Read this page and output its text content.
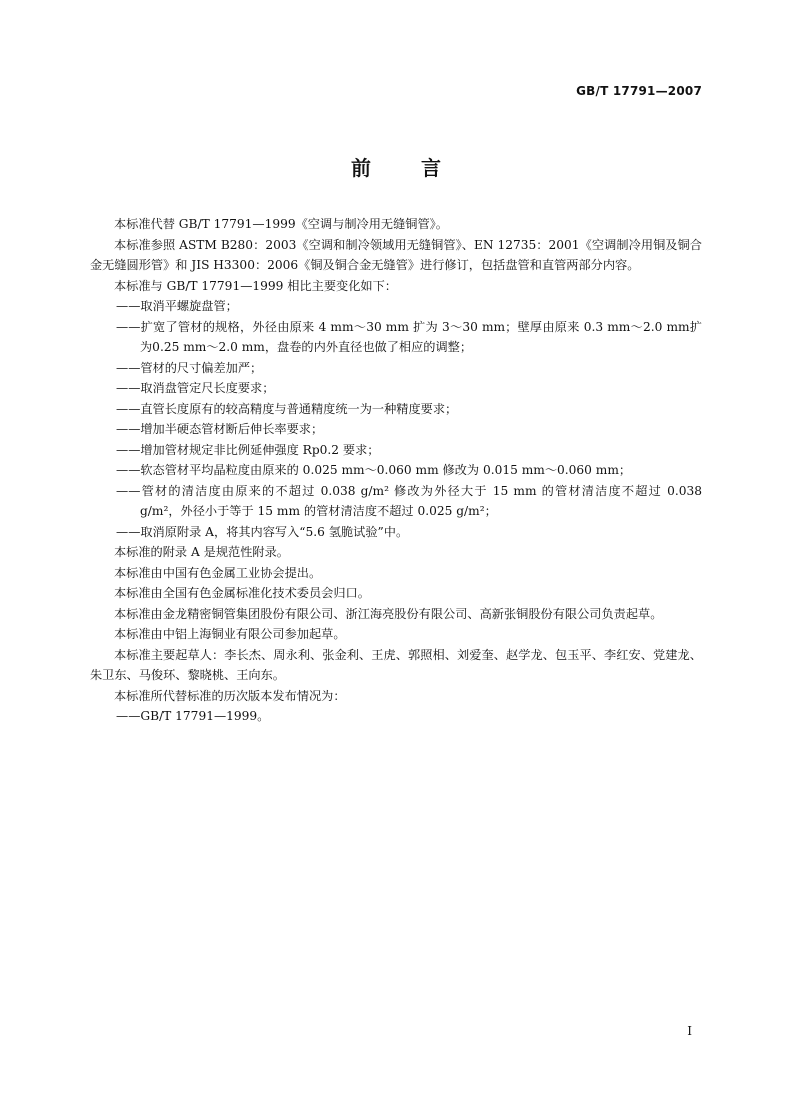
GB/T 17791—2007
前	言

本标准代替 GB/T 17791—1999《空调与制冷用无缝铜管》。

本标准参照 ASTM B280：2003《空调和制冷领域用无缝铜管》、EN 12735：2001《空调制冷用铜及铜合金无缝圆形管》和 JIS H3300：2006《铜及铜合金无缝管》进行修订，包括盘管和直管两部分内容。

本标准与 GB/T 17791—1999 相比主要变化如下：

——取消平螺旋盘管；

——扩宽了管材的规格，外径由原来 4 mm～30 mm 扩为 3～30 mm；壁厚由原来 0.3 mm～2.0 mm扩为0.25 mm～2.0 mm，盘卷的内外直径也做了相应的调整；

——管材的尺寸偏差加严；

——取消盘管定尺长度要求；

——直管长度原有的较高精度与普通精度统一为一种精度要求；

——增加半硬态管材断后伸长率要求；

——增加管材规定非比例延伸强度 Rp0.2 要求；

——软态管材平均晶粒度由原来的 0.025 mm～0.060 mm 修改为 0.015 mm～0.060 mm；

——管材的清洁度由原来的不超过 0.038 g/m² 修改为外径大于 15 mm 的管材清洁度不超过 0.038 g/m²，外径小于等于 15 mm 的管材清洁度不超过 0.025 g/m²；

——取消原附录 A，将其内容写入“5.6 氢脆试验”中。

本标准的附录 A 是规范性附录。

本标准由中国有色金属工业协会提出。

本标准由全国有色金属标准化技术委员会归口。

本标准由金龙精密铜管集团股份有限公司、浙江海亮股份有限公司、高新张铜股份有限公司负责起草。

本标准由中铝上海铜业有限公司参加起草。

本标准主要起草人：李长杰、周永利、张金利、王虎、郭照相、刘爱奎、赵学龙、包玉平、李红安、党建龙、朱卫东、马俊环、黎晓桃、王向东。

本标准所代替标准的历次版本发布情况为：

——GB/T 17791—1999。

I
